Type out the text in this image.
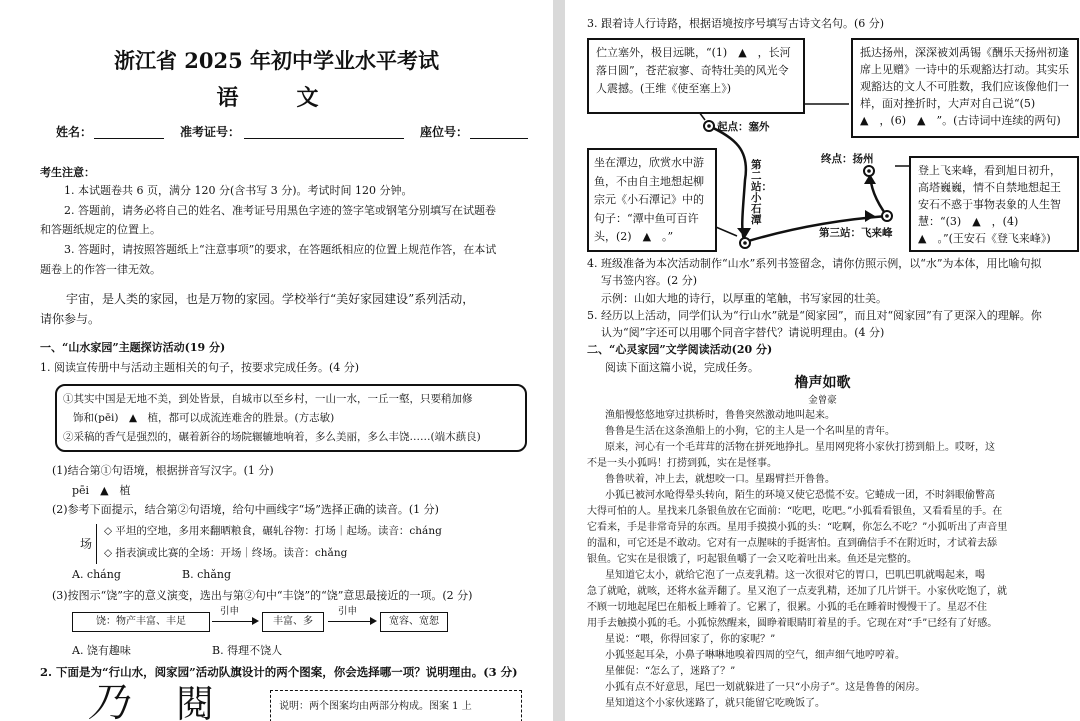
浙江省 2025 年初中学业水平考试
语　文
姓名：	准考证号：	座位号：
考生注意：
1. 本试题卷共 6 页，满分 120 分(含书写 3 分)。考试时间 120 分钟。
2. 答题前，请务必将自己的姓名、准考证号用黑色字迹的签字笔或钢笔分别填写在试题卷
和答题纸规定的位置上。
3. 答题时，请按照答题纸上“注意事项”的要求，在答题纸相应的位置上规范作答，在本试
题卷上的作答一律无效。
宇宙，是人类的家园，也是万物的家园。学校举行“美好家园建设”系列活动，
请你参与。
一、“山水家园”主题探访活动(19 分)
1. 阅读宣传册中与活动主题相关的句子，按要求完成任务。(4 分)
①其实中国是无地不美，到处皆景，自城市以至乡村，一山一水，一丘一壑，只要稍加修
饰和(pēi)　▲　植，都可以成流连难舍的胜景。(方志敏)
②采稿的香气是强烈的，碾着新谷的场院辗辘地响着，多么美丽，多么丰饶……(端木蕻良)
(1)结合第①句语境，根据拼音写汉字。(1 分)
pēi　▲　植
(2)参考下面提示，结合第②句语境，给句中画线字“场”选择正确的读音。(1 分)
场
◇ 平坦的空地，多用来翻晒粮食，碾轧谷物：打场｜起场。读音：cháng
◇ 指表演或比赛的全场：开场｜终场。读音：chǎng
A. cháng	B. chǎng
(3)按图示“饶”字的意义演变，选出与第②句中“丰饶”的“饶”意思最接近的一项。(2 分)
饶：物产丰富、丰足
引申
丰富、多
引申
宽容、宽恕
A. 饶有趣味	B. 得理不饶人
2. 下面是为“行山水，阅家园”活动队旗设计的两个图案，你会选择哪一项？说明理由。(3 分)
乃 閱	说明：两个图案均由两部分构成。图案 1 上
3. 跟着诗人行诗路，根据语境按序号填写古诗文名句。(6 分)
伫立塞外，极目远眺，“(1)　▲　，长河落日圆”，苍茫寂寥、奇特壮美的风光令人震撼。(王维《使至塞上》)
坐在潭边，欣赏水中游鱼，不由自主地想起柳宗元《小石潭记》中的句子：“潭中鱼可百许头，(2)　▲　。”
抵达扬州，深深被刘禹锡《酬乐天扬州初逢席上见赠》一诗中的乐观豁达打动。其实乐观豁达的文人不可胜数，我们应该像他们一样，面对挫折时，大声对自己说“(5)　▲　，(6)　▲　”。(古诗词中连续的两句)
登上飞来峰，看到旭日初升，高塔巍巍，情不自禁地想起王安石不惑于事物表象的人生智慧：“(3)　▲　，(4)　▲　。”(王安石《登飞来峰》)
起点：塞外
第二站：小石潭
第三站：飞来峰
终点：扬州
4. 班级准备为本次活动制作“山水”系列书签留念，请你仿照示例，以“水”为本体，用比喻句拟
写书签内容。(2 分)
示例：山如大地的诗行，以厚重的笔触，书写家园的壮美。
5. 经历以上活动，同学们认为“行山水”就是“阅家园”，而且对“阅家园”有了更深入的理解。你
认为“阅”字还可以用哪个同音字替代？请说明理由。(4 分)
二、“心灵家园”文学阅读活动(20 分)
阅读下面这篇小说，完成任务。
橹声如歌
金曾豪
渔船慢悠悠地穿过拱桥时，鲁鲁突然激动地叫起来。
鲁鲁是生活在这条渔船上的小狗，它的主人是一个名叫星的青年。
原来，河心有一个毛茸茸的活物在拼死地挣扎。星用网兜将小家伙打捞到船上。哎呀，这
不是一头小狐吗！打捞到狐，实在是怪事。
鲁鲁吠着，冲上去，就想咬一口。星踢臂拦开鲁鲁。
小狐已被河水呛得晕头转向，陌生的环境又使它恐慌不安。它蜷成一团，不时斜眼偷瞥高
大得可怕的人。星找来几条银鱼放在它面前：“吃吧，吃吧。”小狐看看银鱼，又看看星的手。在
它看来，手是非常奇异的东西。星用手摸摸小狐的头：“吃啊，你怎么不吃？”小狐听出了声音里
的温和，可它还是不敢动。它对有一点腥味的手挺害怕。直到确信手不在附近时，才试着去舔
银鱼。它实在是很饿了，叼起银鱼嚼了一会又吃着吐出来。鱼还是完整的。
星知道它太小，就给它泡了一点麦乳精。这一次很对它的胃口，巴叽巴叽就喝起来，喝
急了就呛，就咳，还将水盆弄翻了。星又泡了一点麦乳精，还加了几片饼干。小家伙吃饱了，就
不顾一切地起尾巴在船板上睡着了。它累了，很累。小狐的毛在睡着时慢慢干了。星忍不住
用手去触摸小狐的毛。小狐惊然醒来，圆睁着眼睛盯着星的手。它现在对“手”已经有了好感。
星说：“喂，你得回家了，你的家呢？”
小狐竖起耳朵，小鼻子啉啉地嗅着四周的空气，细声细气地哼哼着。
星催促：“怎么了，迷路了？”
小狐有点不好意思，尾巴一划就躲进了一只“小房子”。这是鲁鲁的闲房。
星知道这个小家伙迷路了，就只能留它吃晚饭了。
